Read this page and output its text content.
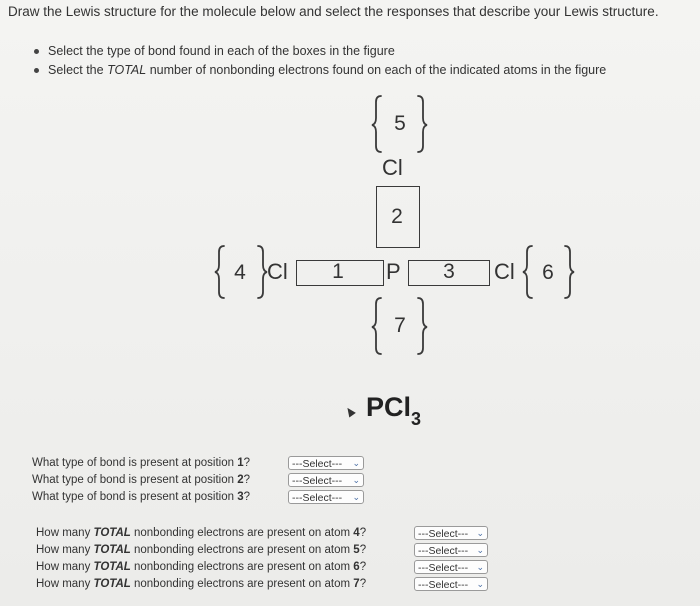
Draw the Lewis structure for the molecule below and select the responses that describe your Lewis structure.
Select the type of bond found in each of the boxes in the figure
Select the TOTAL number of nonbonding electrons found on each of the indicated atoms in the figure
5
Cl
2
4 Cl 1 P 3 Cl 6
7
PCl$_3$
What type of bond is present at position 1?	---Select--- ⌄
What type of bond is present at position 2?	---Select--- ⌄
What type of bond is present at position 3?	---Select--- ⌄
How many TOTAL nonbonding electrons are present on atom 4?	---Select--- ⌄
How many TOTAL nonbonding electrons are present on atom 5?	---Select--- ⌄
How many TOTAL nonbonding electrons are present on atom 6?	---Select--- ⌄
How many TOTAL nonbonding electrons are present on atom 7?	---Select--- ⌄
